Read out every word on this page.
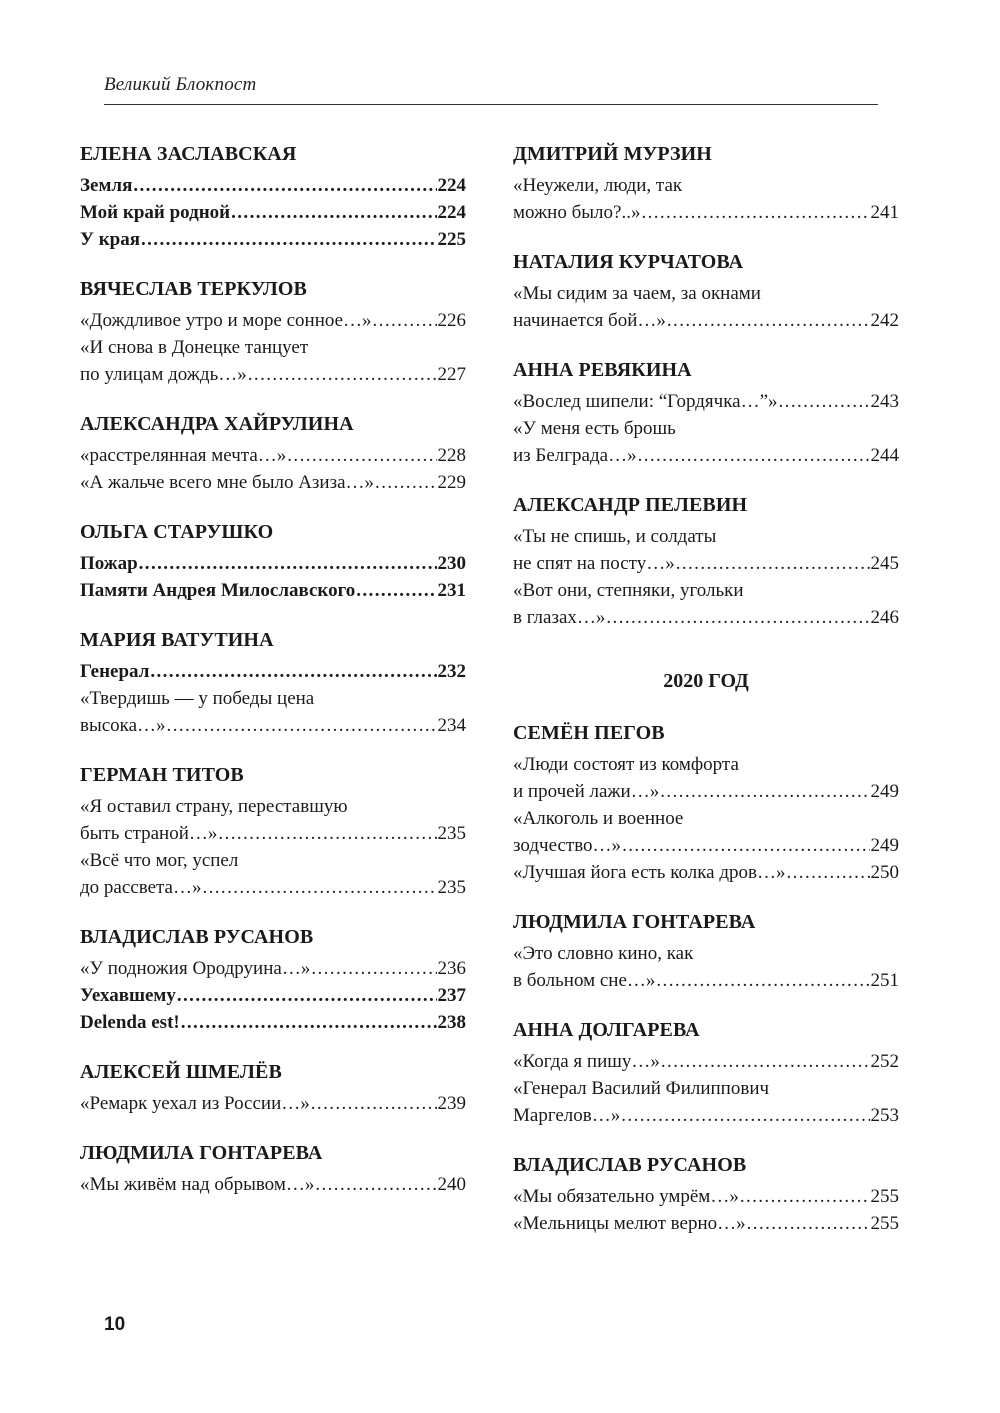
Великий Блокпост
ЕЛЕНА ЗАСЛАВСКАЯ
Земля .....	224
Мой край родной .....	224
У края .....	225
ВЯЧЕСЛАВ ТЕРКУЛОВ
«Дождливое утро и море сонное…» .....	226
«И снова в Донецке танцует
по улицам дождь…» .....	227
АЛЕКСАНДРА ХАЙРУЛИНА
«расстрелянная мечта…» .....	228
«А жальче всего мне было Азиза…» .....	229
ОЛЬГА СТАРУШКО
Пожар .....	230
Памяти Андрея Милославского .....	231
МАРИЯ ВАТУТИНА
Генерал .....	232
«Твердишь — у победы цена
высока…» .....	234
ГЕРМАН ТИТОВ
«Я оставил страну, переставшую
быть страной…» .....	235
«Всё что мог, успел
до рассвета…» .....	235
ВЛАДИСЛАВ РУСАНОВ
«У подножия Ородруина…» .....	236
Уехавшему .....	237
Delenda est! .....	238
АЛЕКСЕЙ ШМЕЛЁВ
«Ремарк уехал из России…» .....	239
ЛЮДМИЛА ГОНТАРЕВА
«Мы живём над обрывом…» .....	240
ДМИТРИЙ МУРЗИН
«Неужели, люди, так
можно было?..» .....	241
НАТАЛИЯ КУРЧАТОВА
«Мы сидим за чаем, за окнами
начинается бой…» .....	242
АННА РЕВЯКИНА
«Вослед шипели: “Гордячка…”» .....	243
«У меня есть брошь
из Белграда…» .....	244
АЛЕКСАНДР ПЕЛЕВИН
«Ты не спишь, и солдаты
не спят на посту…» .....	245
«Вот они, степняки, угольки
в глазах…» .....	246
2020 ГОД
СЕМЁН ПЕГОВ
«Люди состоят из комфорта
и прочей лажи…» .....	249
«Алкоголь и военное
зодчество…» .....	249
«Лучшая йога есть колка дров…» .....	250
ЛЮДМИЛА ГОНТАРЕВА
«Это словно кино, как
в больном сне…» .....	251
АННА ДОЛГАРЕВА
«Когда я пишу…» .....	252
«Генерал Василий Филиппович
Маргелов…» .....	253
ВЛАДИСЛАВ РУСАНОВ
«Мы обязательно умрём…» .....	255
«Мельницы мелют верно…» .....	255
10
